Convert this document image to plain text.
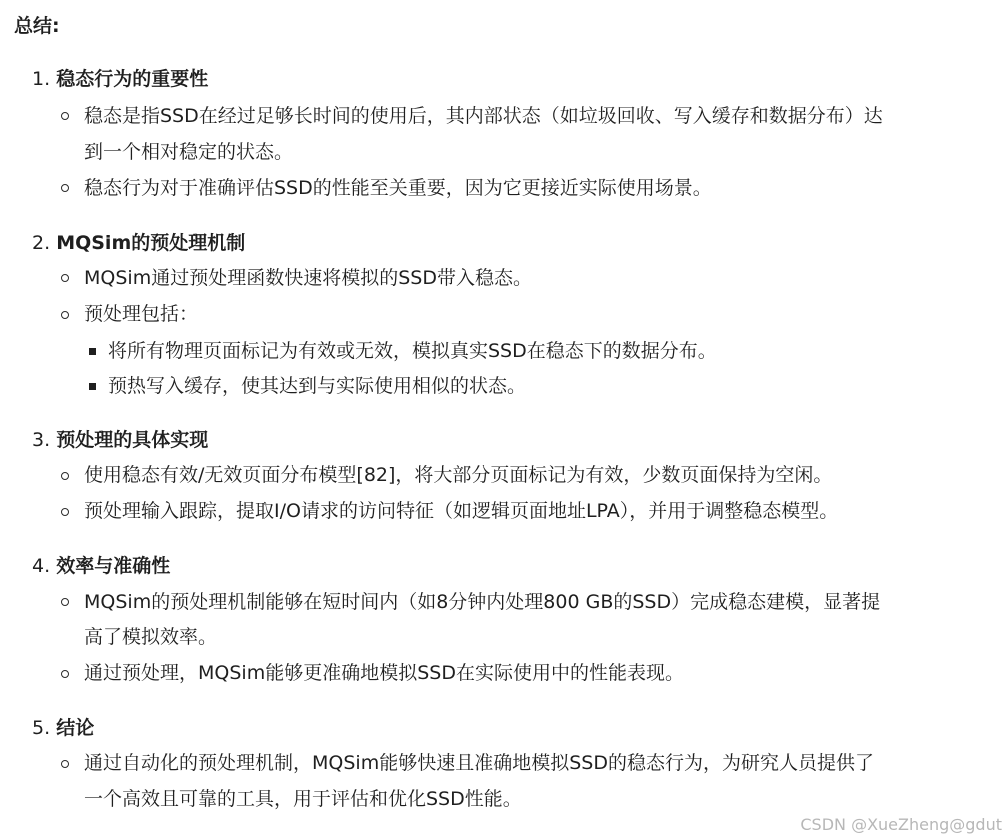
总结:
1. 稳态行为的重要性
稳态是指SSD在经过足够长时间的使用后，其内部状态（如垃圾回收、写入缓存和数据分布）达
到一个相对稳定的状态。
稳态行为对于准确评估SSD的性能至关重要，因为它更接近实际使用场景。
2. MQSim的预处理机制
MQSim通过预处理函数快速将模拟的SSD带入稳态。
预处理包括：
将所有物理页面标记为有效或无效，模拟真实SSD在稳态下的数据分布。
预热写入缓存，使其达到与实际使用相似的状态。
3. 预处理的具体实现
使用稳态有效/无效页面分布模型[82]，将大部分页面标记为有效，少数页面保持为空闲。
预处理输入跟踪，提取I/O请求的访问特征（如逻辑页面地址LPA），并用于调整稳态模型。
4. 效率与准确性
MQSim的预处理机制能够在短时间内（如8分钟内处理800 GB的SSD）完成稳态建模，显著提
高了模拟效率。
通过预处理，MQSim能够更准确地模拟SSD在实际使用中的性能表现。
5. 结论
通过自动化的预处理机制，MQSim能够快速且准确地模拟SSD的稳态行为，为研究人员提供了
一个高效且可靠的工具，用于评估和优化SSD性能。
CSDN @XueZheng@gdut
